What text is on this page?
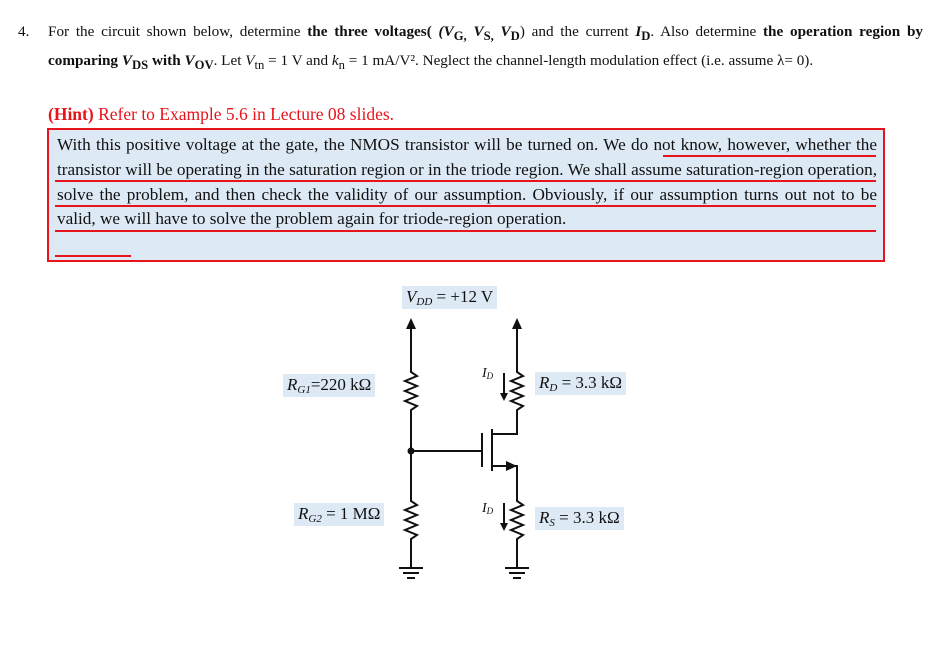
4. For the circuit shown below, determine the three voltages( ($V_{G,}$ $V_{S,}$ $V_D$) and the current $I_D$. Also determine the operation region by comparing $V_{DS}$ with $V_{OV}$. Let $V_{tn} = 1$ V and $k_n = 1$ mA/V². Neglect the channel-length modulation effect (i.e. assume λ= 0).
(Hint) Refer to Example 5.6 in Lecture 08 slides.
With this positive voltage at the gate, the NMOS transistor will be turned on. We do not know, however, whether the transistor will be operating in the saturation region or in the triode region. We shall assume saturation-region operation, solve the problem, and then check the validity of our assumption. Obviously, if our assumption turns out not to be valid, we will have to solve the problem again for triode-region operation.
$V_{DD} = +12$ V
$R_{G1}=220$ kΩ
$R_{G2} = 1$ MΩ
$R_D = 3.3$ kΩ
$R_S = 3.3$ kΩ
$I_D$
$I_D$
